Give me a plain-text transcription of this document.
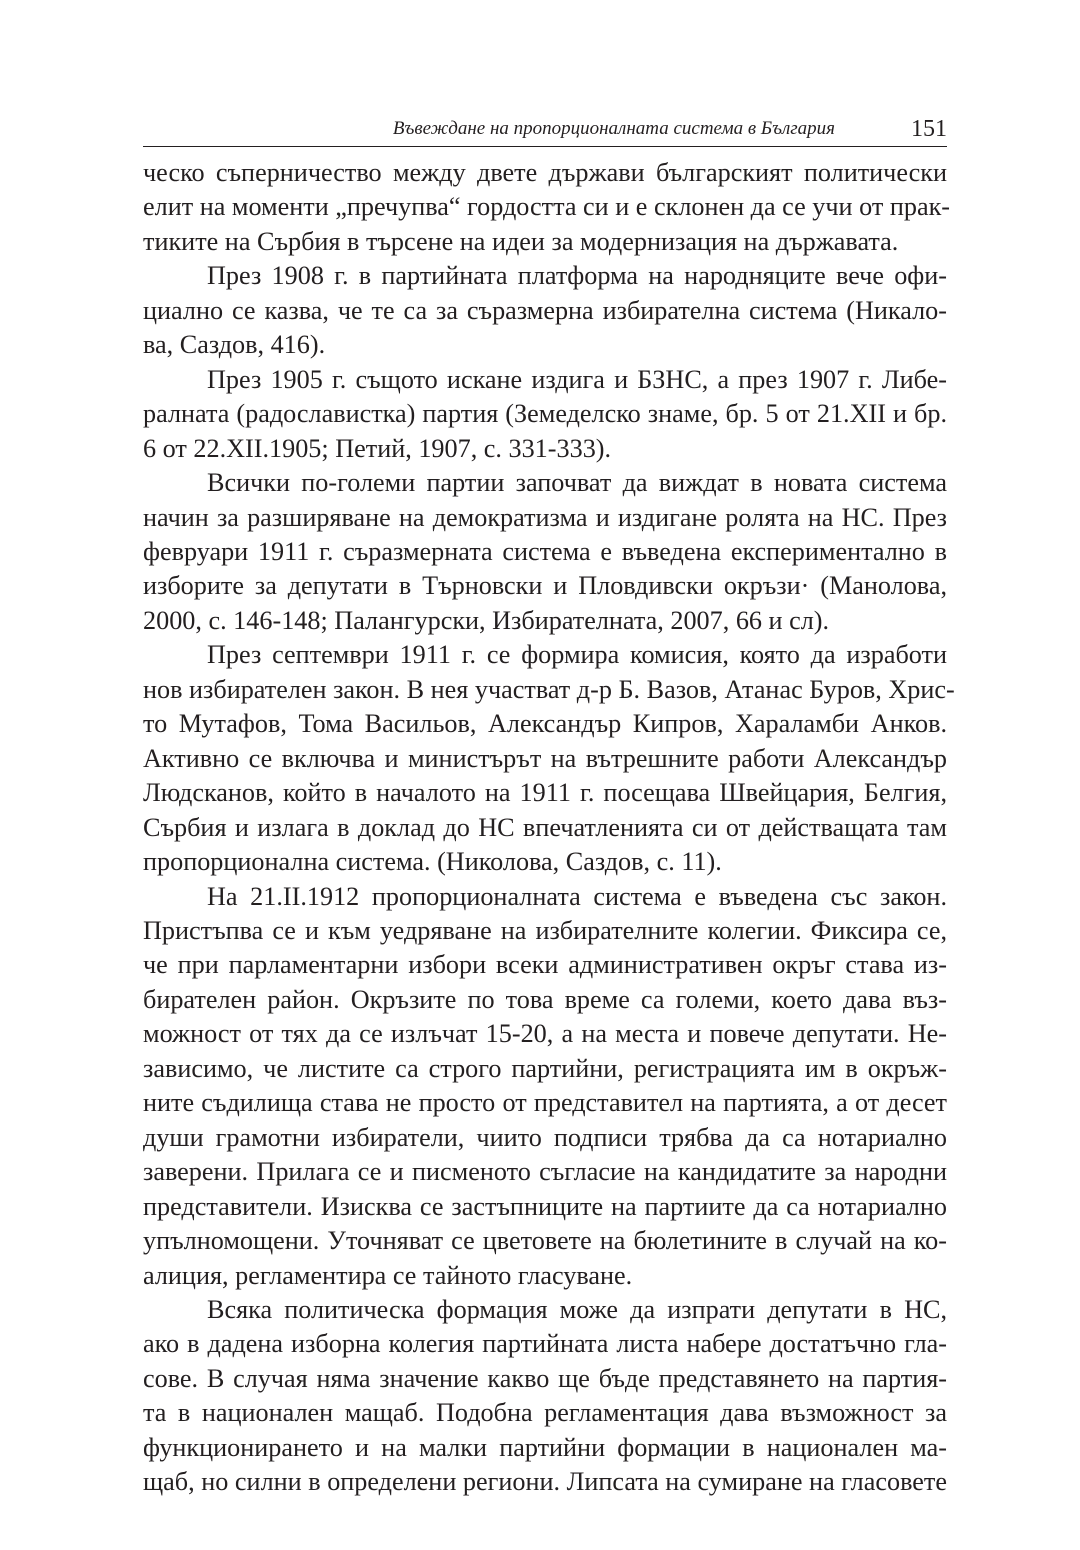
Въвеждане на пропорционалната система в България	151
ческо съперничество между двете държави българският политически
елит на моменти „пречупва“ гордостта си и е склонен да се учи от прак-
тиките на Сърбия в търсене на идеи за модернизация на държавата.
През 1908 г. в партийната платформа на народняците вече офи-
циално се казва, че те са за съразмерна избирателна система (Никало-
ва, Саздов, 416).
През 1905 г. същото искане издига и БЗНС, а през 1907 г. Либе-
ралната (радославистка) партия (Земеделско знаме, бр. 5 от 21.XII и бр.
6 от 22.XII.1905; Петий, 1907, с. 331-333).
Всички по-големи партии започват да виждат в новата система
начин за разширяване на демократизма и издигане ролята на НС. През
февруари 1911 г. съразмерната система е въведена експериментално в
изборите за депутати в Търновски и Пловдивски окръзи· (Манолова,
2000, с. 146-148; Палангурски, Избирателната, 2007, 66 и сл).
През септември 1911 г. се формира комисия, която да изработи
нов избирателен закон. В нея участват д-р Б. Вазов, Атанас Буров, Хрис-
то Мутафов, Тома Васильов, Александър Кипров, Хараламби Анков.
Активно се включва и министърът на вътрешните работи Александър
Людсканов, който в началото на 1911 г. посещава Швейцария, Белгия,
Сърбия и излага в доклад до НС впечатленията си от действащата там
пропорционална система. (Николова, Саздов, с. 11).
На 21.II.1912 пропорционалната система е въведена със закон.
Пристъпва се и към уедряване на избирателните колегии. Фиксира се,
че при парламентарни избори всеки административен окръг става из-
бирателен район. Окръзите по това време са големи, което дава въз-
можност от тях да се излъчат 15-20, а на места и повече депутати. Не-
зависимо, че листите са строго партийни, регистрацията им в окръж-
ните съдилища става не просто от представител на партията, а от десет
души грамотни избиратели, чиито подписи трябва да са нотариално
заверени. Прилага се и писменото съгласие на кандидатите за народни
представители. Изисква се застъпниците на партиите да са нотариално
упълномощени. Уточняват се цветовете на бюлетините в случай на ко-
алиция, регламентира се тайното гласуване.
Всяка политическа формация може да изпрати депутати в НС,
ако в дадена изборна колегия партийната листа набере достатъчно гла-
сове. В случая няма значение какво ще бъде представянето на партия-
та в национален мащаб. Подобна регламентация дава възможност за
функционирането и на малки партийни формации в национален ма-
щаб, но силни в определени региони. Липсата на сумиране на гласовете
